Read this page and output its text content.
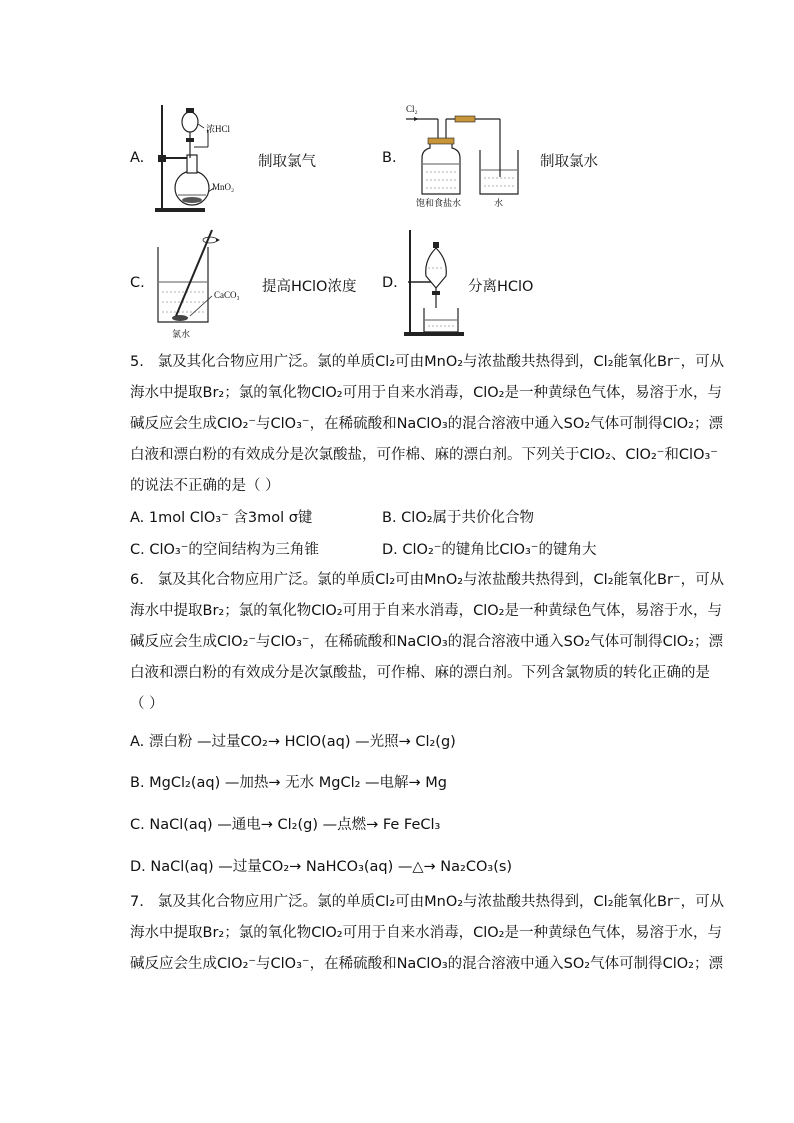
A.
浓HCl
MnO₂
制取氯气	B.
Cl₂
饱和食盐水	水
制取氯水
C.
CaCO₃
氯水
提高HClO浓度 D.	分离HClO
5. 氯及其化合物应用广泛。氯的单质Cl₂可由MnO₂与浓盐酸共热得到，Cl₂能氧化Br⁻，可从
海水中提取Br₂；氯的氧化物ClO₂可用于自来水消毒，ClO₂是一种黄绿色气体，易溶于水，与
碱反应会生成ClO₂⁻与ClO₃⁻，在稀硫酸和NaClO₃的混合溶液中通入SO₂气体可制得ClO₂；漂
白液和漂白粉的有效成分是次氯酸盐，可作棉、麻的漂白剂。下列关于ClO₂、ClO₂⁻和ClO₃⁻
的说法不正确的是（ ）
A. 1mol ClO₃⁻ 含3mol σ键	B. ClO₂属于共价化合物
C. ClO₃⁻的空间结构为三角锥	D. ClO₂⁻的键角比ClO₃⁻的键角大
6. 氯及其化合物应用广泛。氯的单质Cl₂可由MnO₂与浓盐酸共热得到，Cl₂能氧化Br⁻，可从
海水中提取Br₂；氯的氧化物ClO₂可用于自来水消毒，ClO₂是一种黄绿色气体，易溶于水，与
碱反应会生成ClO₂⁻与ClO₃⁻，在稀硫酸和NaClO₃的混合溶液中通入SO₂气体可制得ClO₂；漂
白液和漂白粉的有效成分是次氯酸盐，可作棉、麻的漂白剂。下列含氯物质的转化正确的是
（ ）
A. 漂白粉 —过量CO₂→ HClO(aq) —光照→ Cl₂(g)
B. MgCl₂(aq) —加热→ 无水 MgCl₂ —电解→ Mg
C. NaCl(aq) —通电→ Cl₂(g) —点燃→ Fe FeCl₃
D. NaCl(aq) —过量CO₂→ NaHCO₃(aq) —△→ Na₂CO₃(s)
7. 氯及其化合物应用广泛。氯的单质Cl₂可由MnO₂与浓盐酸共热得到，Cl₂能氧化Br⁻，可从
海水中提取Br₂；氯的氧化物ClO₂可用于自来水消毒，ClO₂是一种黄绿色气体，易溶于水，与
碱反应会生成ClO₂⁻与ClO₃⁻，在稀硫酸和NaClO₃的混合溶液中通入SO₂气体可制得ClO₂；漂
